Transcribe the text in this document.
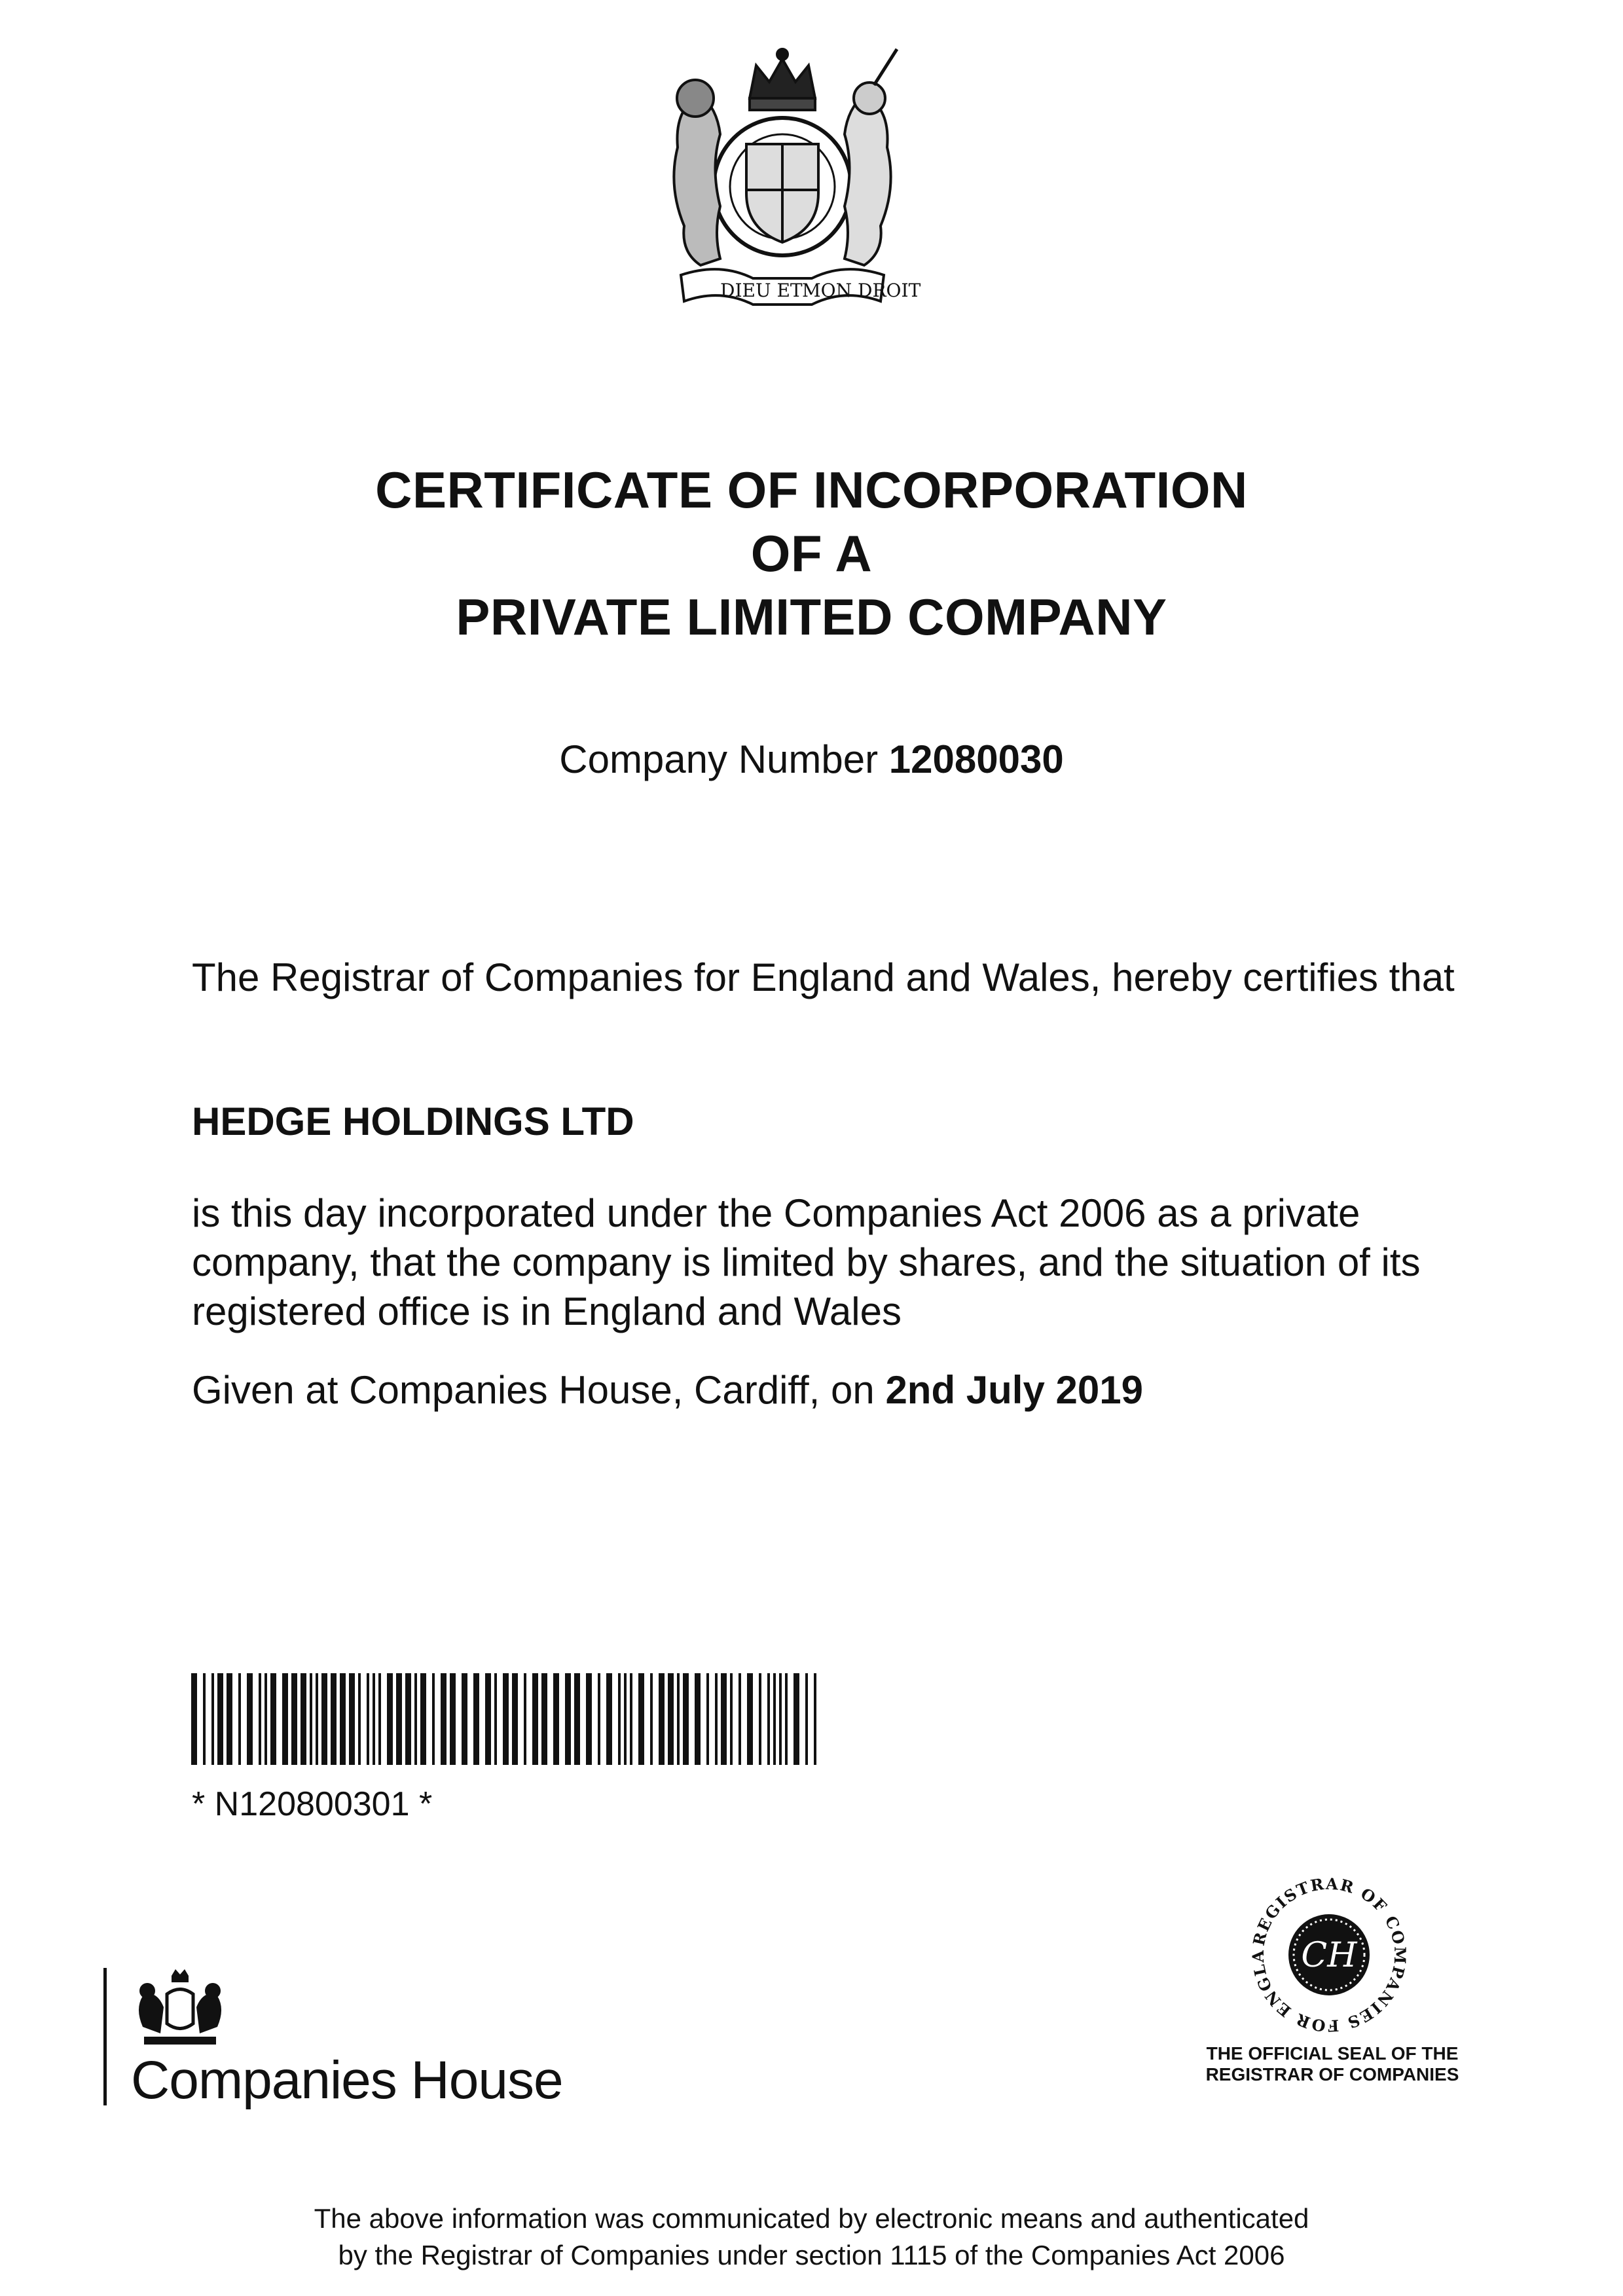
DIEU ET MON DROIT
CERTIFICATE OF INCORPORATION
OF A
PRIVATE LIMITED COMPANY
Company Number 12080030
The Registrar of Companies for England and Wales, hereby certifies that
HEDGE HOLDINGS LTD
is this day incorporated under the Companies Act 2006 as a private company, that the company is limited by shares, and the situation of its registered office is in England and Wales
Given at Companies House, Cardiff, on 2nd July 2019
* N120800301 *
Companies House
REGISTRAR OF COMPANIES FOR ENGLA CH
THE OFFICIAL SEAL OF THE
REGISTRAR OF COMPANIES
The above information was communicated by electronic means and authenticated
by the Registrar of Companies under section 1115 of the Companies Act 2006
